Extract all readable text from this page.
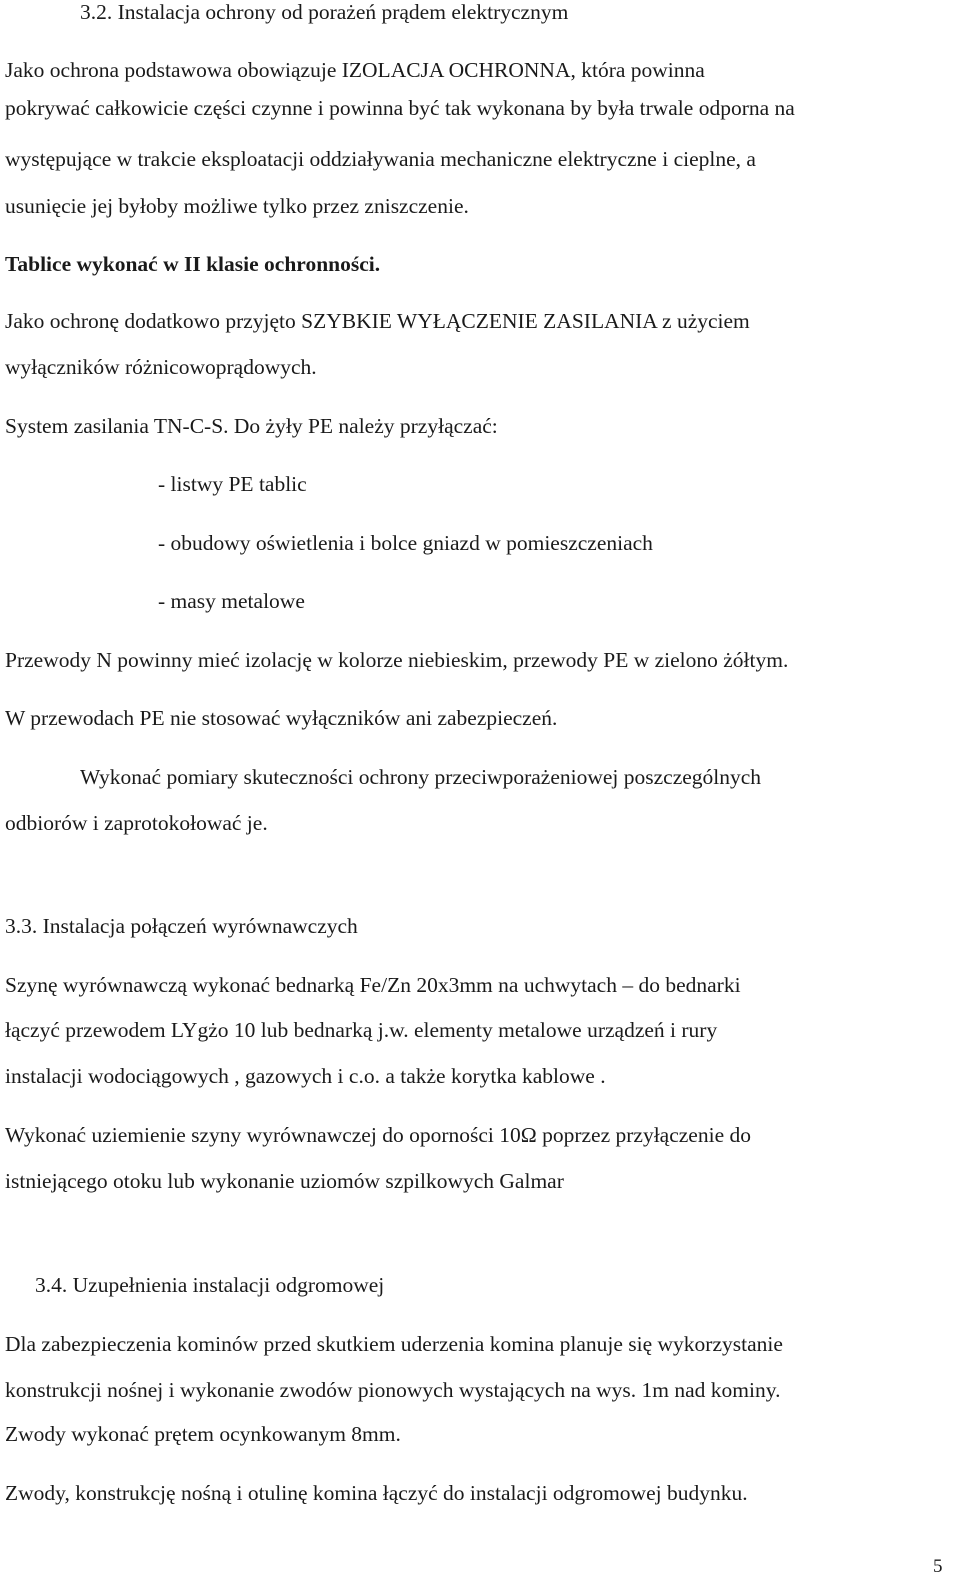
3.2. Instalacja ochrony od porażeń prądem elektrycznym
Jako ochrona podstawowa obowiązuje IZOLACJA OCHRONNA, która powinna
pokrywać całkowicie części czynne i powinna być tak wykonana by była trwale odporna na
występujące w trakcie eksploatacji oddziaływania mechaniczne elektryczne i cieplne, a
usunięcie jej byłoby możliwe tylko przez zniszczenie.
Tablice wykonać w II klasie ochronności.
Jako ochronę dodatkowo przyjęto SZYBKIE WYŁĄCZENIE ZASILANIA z użyciem
wyłączników różnicowoprądowych.
System zasilania TN-C-S. Do żyły PE należy przyłączać:
- listwy PE tablic
- obudowy oświetlenia i bolce gniazd w pomieszczeniach
- masy metalowe
Przewody N powinny mieć izolację w kolorze niebieskim, przewody PE w zielono żółtym.
W przewodach PE nie stosować wyłączników ani zabezpieczeń.
Wykonać pomiary skuteczności ochrony przeciwporażeniowej poszczególnych
odbiorów i zaprotokołować je.
3.3. Instalacja połączeń wyrównawczych
Szynę wyrównawczą wykonać bednarką Fe/Zn 20x3mm na uchwytach – do bednarki
łączyć przewodem LYgżo 10 lub bednarką j.w. elementy metalowe urządzeń i rury
instalacji wodociągowych , gazowych i c.o. a także korytka kablowe .
Wykonać uziemienie szyny wyrównawczej do oporności 10Ω poprzez przyłączenie do
istniejącego otoku lub wykonanie uziomów szpilkowych Galmar
3.4. Uzupełnienia instalacji odgromowej
Dla zabezpieczenia kominów przed skutkiem uderzenia komina planuje się wykorzystanie
konstrukcji nośnej i wykonanie zwodów pionowych wystających na wys. 1m nad kominy.
Zwody wykonać prętem ocynkowanym 8mm.
Zwody, konstrukcję nośną i otulinę komina łączyć do instalacji odgromowej budynku.
5
